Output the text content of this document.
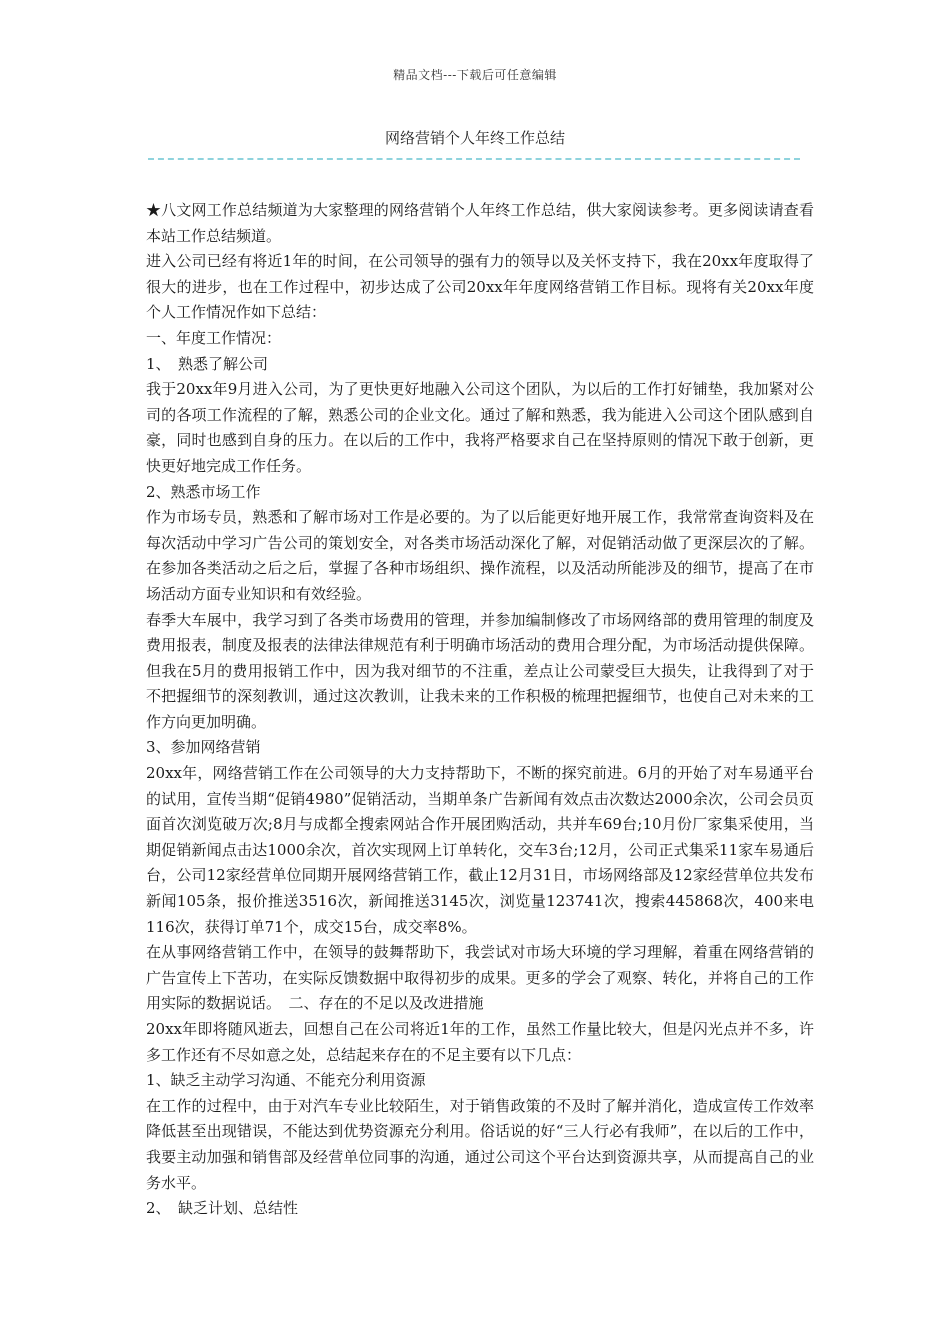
精品文档---下载后可任意编辑
网络营销个人年终工作总结

★八文网工作总结频道为大家整理的网络营销个人年终工作总结，供大家阅读参考。更多阅读请查看本站工作总结频道。

进入公司已经有将近1年的时间，在公司领导的强有力的领导以及关怀支持下，我在20xx年度取得了很大的进步，也在工作过程中，初步达成了公司20xx年年度网络营销工作目标。现将有关20xx年度个人工作情况作如下总结：

一、年度工作情况：

1、　熟悉了解公司

我于20xx年9月进入公司，为了更快更好地融入公司这个团队，为以后的工作打好铺垫，我加紧对公司的各项工作流程的了解，熟悉公司的企业文化。通过了解和熟悉，我为能进入公司这个团队感到自豪，同时也感到自身的压力。在以后的工作中，我将严格要求自己在坚持原则的情况下敢于创新，更快更好地完成工作任务。

2、熟悉市场工作

作为市场专员，熟悉和了解市场对工作是必要的。为了以后能更好地开展工作，我常常查询资料及在每次活动中学习广告公司的策划安全，对各类市场活动深化了解，对促销活动做了更深层次的了解。在参加各类活动之后之后，掌握了各种市场组织、操作流程，以及活动所能涉及的细节，提高了在市场活动方面专业知识和有效经验。

春季大车展中，我学习到了各类市场费用的管理，并参加编制修改了市场网络部的费用管理的制度及费用报表，制度及报表的法律法律规范有利于明确市场活动的费用合理分配，为市场活动提供保障。但我在5月的费用报销工作中，因为我对细节的不注重，差点让公司蒙受巨大损失，让我得到了对于不把握细节的深刻教训，通过这次教训，让我未来的工作积极的梳理把握细节，也使自己对未来的工作方向更加明确。

3、参加网络营销

20xx年，网络营销工作在公司领导的大力支持帮助下，不断的探究前进。6月的开始了对车易通平台的试用，宣传当期“促销4980”促销活动，当期单条广告新闻有效点击次数达2000余次，公司会员页面首次浏览破万次;8月与成都全搜索网站合作开展团购活动，共并车69台;10月份厂家集采使用，当期促销新闻点击达1000余次，首次实现网上订单转化，交车3台;12月，公司正式集采11家车易通后台，公司12家经营单位同期开展网络营销工作，截止12月31日，市场网络部及12家经营单位共发布新闻105条，报价推送3516次，新闻推送3145次，浏览量123741次，搜索445868次，400来电116次，获得订单71个，成交15台，成交率8%。

在从事网络营销工作中，在领导的鼓舞帮助下，我尝试对市场大环境的学习理解，着重在网络营销的广告宣传上下苦功，在实际反馈数据中取得初步的成果。更多的学会了观察、转化，并将自己的工作用实际的数据说话。　二、存在的不足以及改进措施

20xx年即将随风逝去，回想自己在公司将近1年的工作，虽然工作量比较大，但是闪光点并不多，许多工作还有不尽如意之处，总结起来存在的不足主要有以下几点：

1、缺乏主动学习沟通、不能充分利用资源

在工作的过程中，由于对汽车专业比较陌生，对于销售政策的不及时了解并消化，造成宣传工作效率降低甚至出现错误，不能达到优势资源充分利用。俗话说的好“三人行必有我师”，在以后的工作中，我要主动加强和销售部及经营单位同事的沟通，通过公司这个平台达到资源共享，从而提高自己的业务水平。

2、　缺乏计划、总结性
